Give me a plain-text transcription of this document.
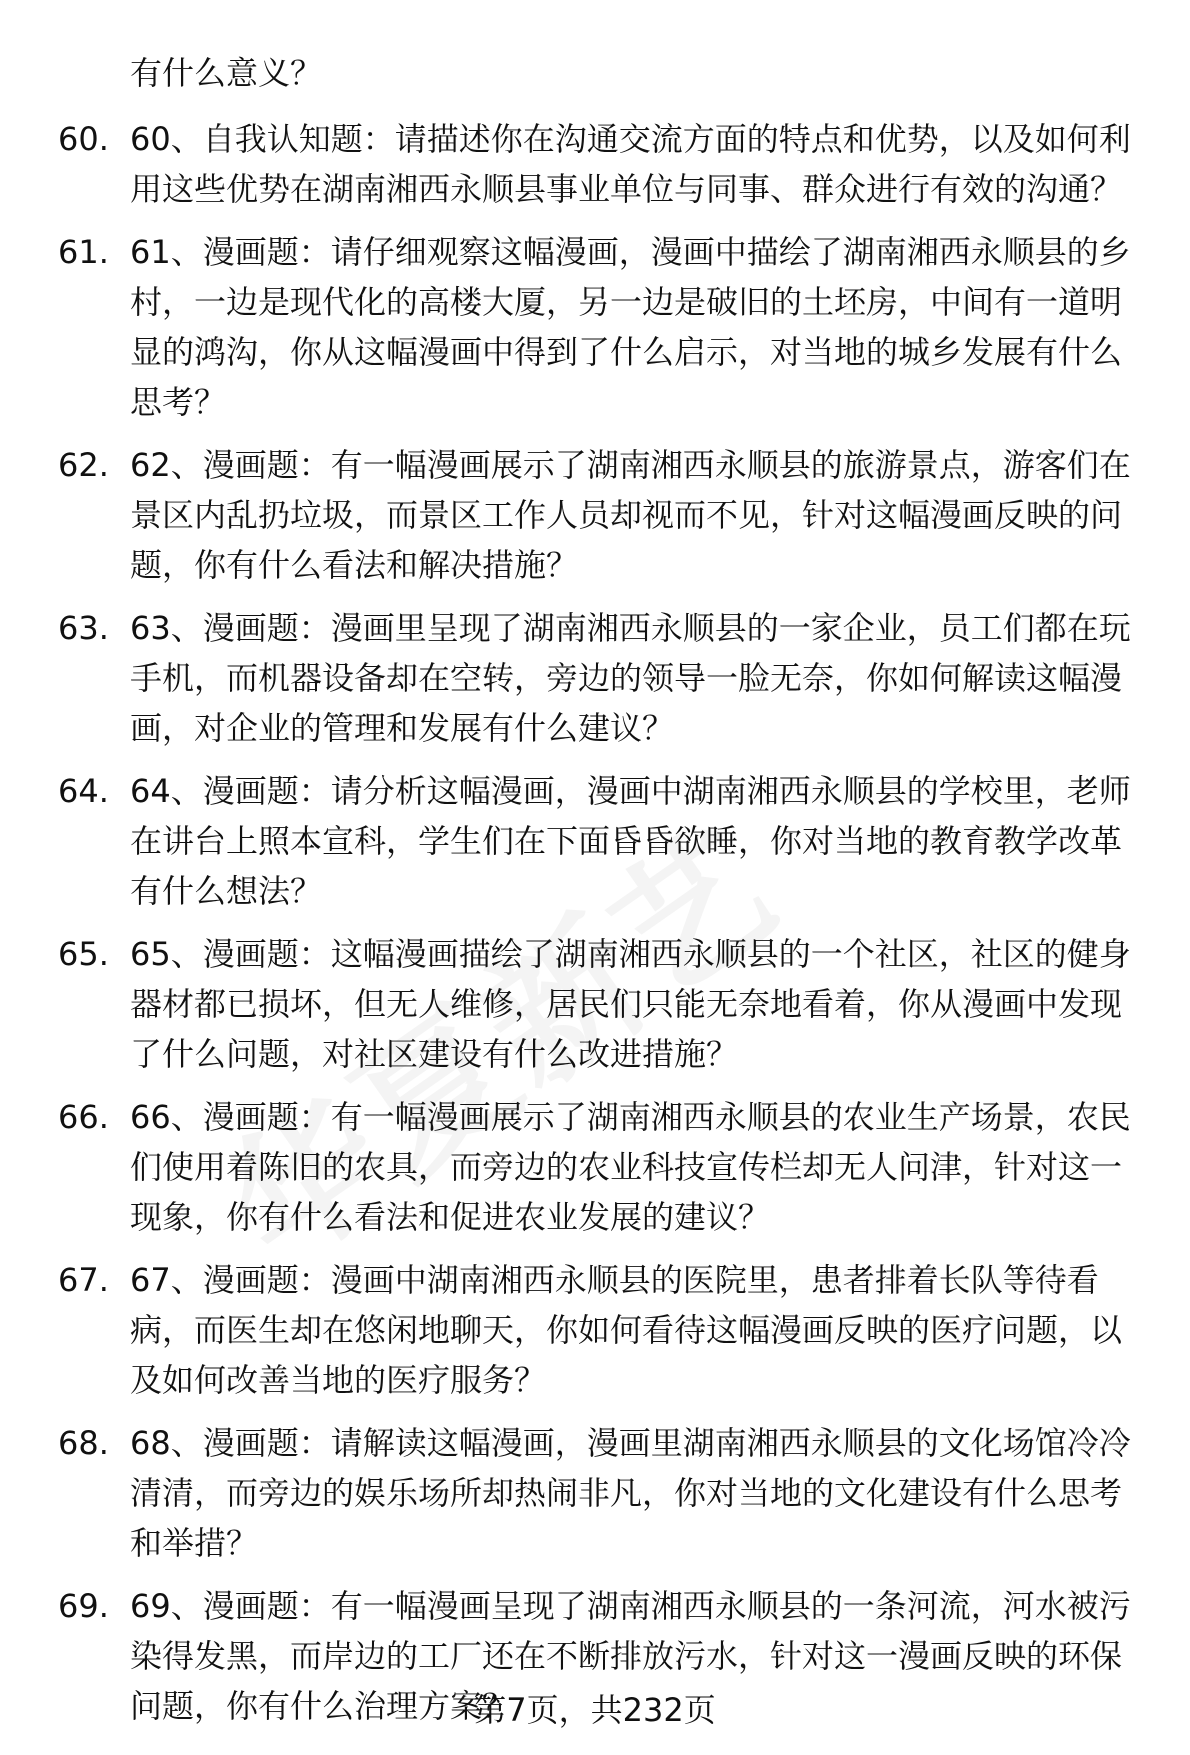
有什么意义？

60. 60、自我认知题：请描述你在沟通交流方面的特点和优势，以及如何利用这些优势在湖南湘西永顺县事业单位与同事、群众进行有效的沟通？

61. 61、漫画题：请仔细观察这幅漫画，漫画中描绘了湖南湘西永顺县的乡村，一边是现代化的高楼大厦，另一边是破旧的土坯房，中间有一道明显的鸿沟，你从这幅漫画中得到了什么启示，对当地的城乡发展有什么思考？

62. 62、漫画题：有一幅漫画展示了湖南湘西永顺县的旅游景点，游客们在景区内乱扔垃圾，而景区工作人员却视而不见，针对这幅漫画反映的问题，你有什么看法和解决措施？

63. 63、漫画题：漫画里呈现了湖南湘西永顺县的一家企业，员工们都在玩手机，而机器设备却在空转，旁边的领导一脸无奈，你如何解读这幅漫画，对企业的管理和发展有什么建议？

64. 64、漫画题：请分析这幅漫画，漫画中湖南湘西永顺县的学校里，老师在讲台上照本宣科，学生们在下面昏昏欲睡，你对当地的教育教学改革有什么想法？

65. 65、漫画题：这幅漫画描绘了湖南湘西永顺县的一个社区，社区的健身器材都已损坏，但无人维修，居民们只能无奈地看着，你从漫画中发现了什么问题，对社区建设有什么改进措施？

66. 66、漫画题：有一幅漫画展示了湖南湘西永顺县的农业生产场景，农民们使用着陈旧的农具，而旁边的农业科技宣传栏却无人问津，针对这一现象，你有什么看法和促进农业发展的建议？

67. 67、漫画题：漫画中湖南湘西永顺县的医院里，患者排着长队等待看病，而医生却在悠闲地聊天，你如何看待这幅漫画反映的医疗问题，以及如何改善当地的医疗服务？

68. 68、漫画题：请解读这幅漫画，漫画里湖南湘西永顺县的文化场馆冷冷清清，而旁边的娱乐场所却热闹非凡，你对当地的文化建设有什么思考和举措？

69. 69、漫画题：有一幅漫画呈现了湖南湘西永顺县的一条河流，河水被污染得发黑，而岸边的工厂还在不断排放污水，针对这一漫画反映的环保问题，你有什么治理方案？

第7页，共232页
